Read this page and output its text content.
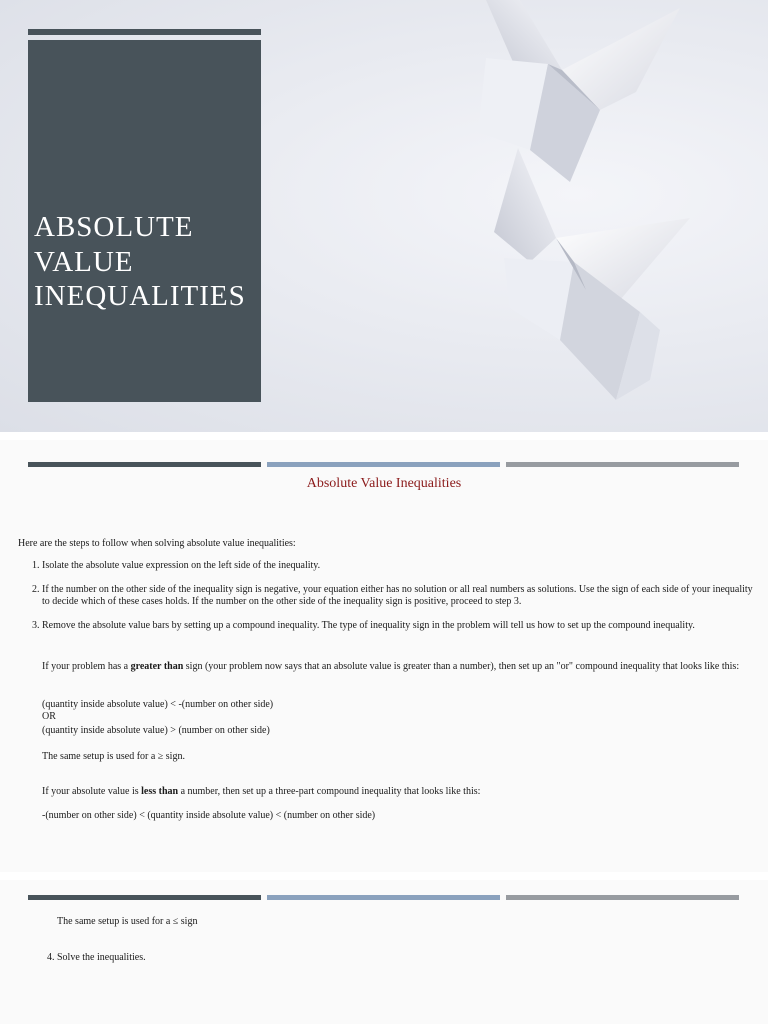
ABSOLUTE
VALUE
INEQUALITIES
Absolute Value Inequalities
Here are the steps to follow when solving absolute value inequalities:
1. Isolate the absolute value expression on the left side of the inequality.
2. If the number on the other side of the inequality sign is negative, your equation either has no solution or all real numbers as solutions. Use the sign of each side of your inequality to decide which of these cases holds. If the number on the other side of the inequality sign is positive, proceed to step 3.
3. Remove the absolute value bars by setting up a compound inequality. The type of inequality sign in the problem will tell us how to set up the compound inequality.
If your problem has a greater than sign (your problem now says that an absolute value is greater than a number), then set up an "or" compound inequality that looks like this:
(quantity inside absolute value) < -(number on other side)
OR
(quantity inside absolute value) > (number on other side)
The same setup is used for a ≥ sign.
If your absolute value is less than a number, then set up a three-part compound inequality that looks like this:
-(number on other side) < (quantity inside absolute value) < (number on other side)
The same setup is used for a ≤ sign
4. Solve the inequalities.
